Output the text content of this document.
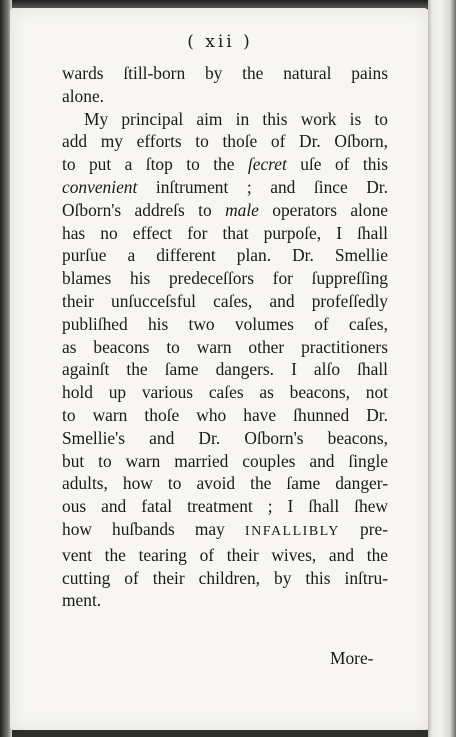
( xii )
wards ſtill-born by the natural pains
alone.
My principal aim in this work is to
add my efforts to thoſe of Dr. Oſborn,
to put a ſtop to the ſecret uſe of this
convenient inſtrument ; and ſince Dr.
Oſborn's addreſs to male operators alone
has no effect for that purpoſe, I ſhall
purſue a different plan. Dr. Smellie
blames his predeceſſors for ſuppreſſing
their unſucceſsful caſes, and profeſſedly
publiſhed his two volumes of caſes,
as beacons to warn other practitioners
againſt the ſame dangers. I alſo ſhall
hold up various caſes as beacons, not
to warn thoſe who have ſhunned Dr.
Smellie's and Dr. Oſborn's beacons,
but to warn married couples and ſingle
adults, how to avoid the ſame danger-
ous and fatal treatment ; I ſhall ſhew
how huſbands may INFALLIBLY pre-
vent the tearing of their wives, and the
cutting of their children, by this inſtru-
ment.
More-
